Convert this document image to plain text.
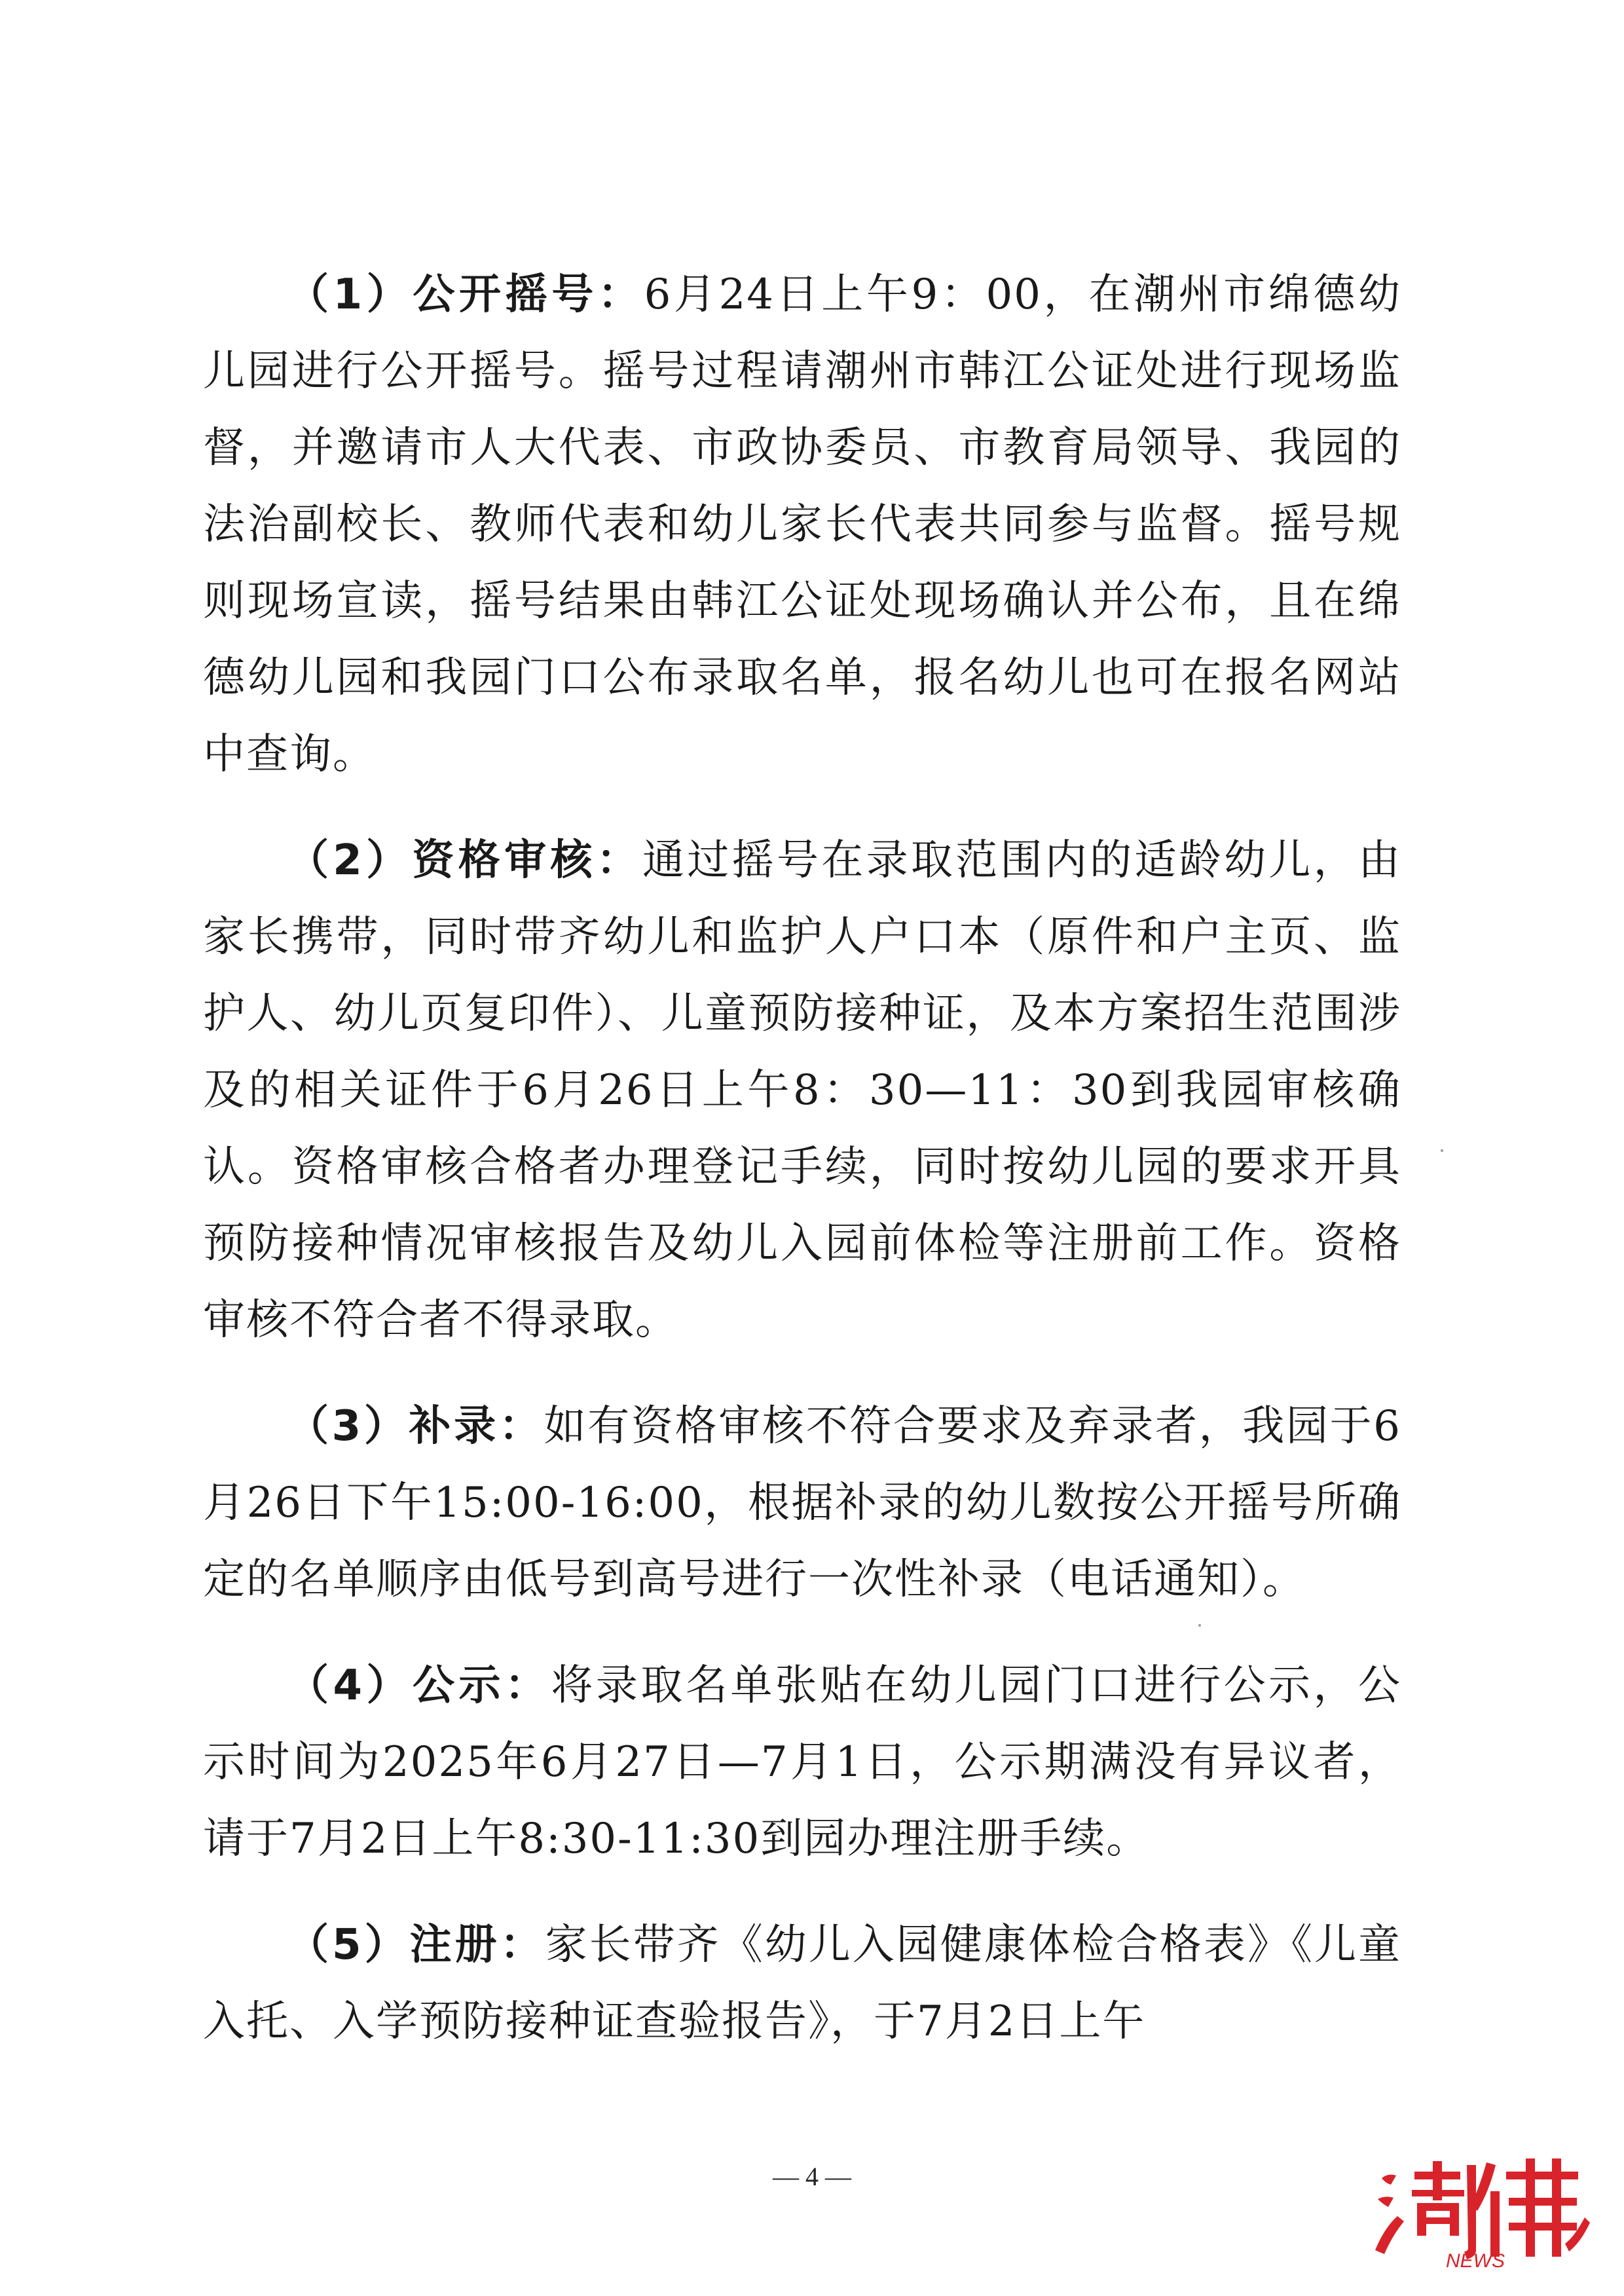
（1）公开摇号：6月24日上午9：00，在潮州市绵德幼儿园进行公开摇号。摇号过程请潮州市韩江公证处进行现场监督，并邀请市人大代表、市政协委员、市教育局领导、我园的法治副校长、教师代表和幼儿家长代表共同参与监督。摇号规则现场宣读，摇号结果由韩江公证处现场确认并公布，且在绵德幼儿园和我园门口公布录取名单，报名幼儿也可在报名网站中查询。

（2）资格审核：通过摇号在录取范围内的适龄幼儿，由家长携带，同时带齐幼儿和监护人户口本（原件和户主页、监护人、幼儿页复印件）、儿童预防接种证，及本方案招生范围涉及的相关证件于6月26日上午8：30—11：30到我园审核确认。资格审核合格者办理登记手续，同时按幼儿园的要求开具预防接种情况审核报告及幼儿入园前体检等注册前工作。资格审核不符合者不得录取。

（3）补录：如有资格审核不符合要求及弃录者，我园于6月26日下午15:00-16:00，根据补录的幼儿数按公开摇号所确定的名单顺序由低号到高号进行一次性补录（电话通知）。

（4）公示：将录取名单张贴在幼儿园门口进行公示，公示时间为2025年6月27日—7月1日，公示期满没有异议者，请于7月2日上午8:30-11:30到园办理注册手续。

（5）注册：家长带齐《幼儿入园健康体检合格表》《儿童入托、入学预防接种证查验报告》，于7月2日上午

— 4 —
NEWS
